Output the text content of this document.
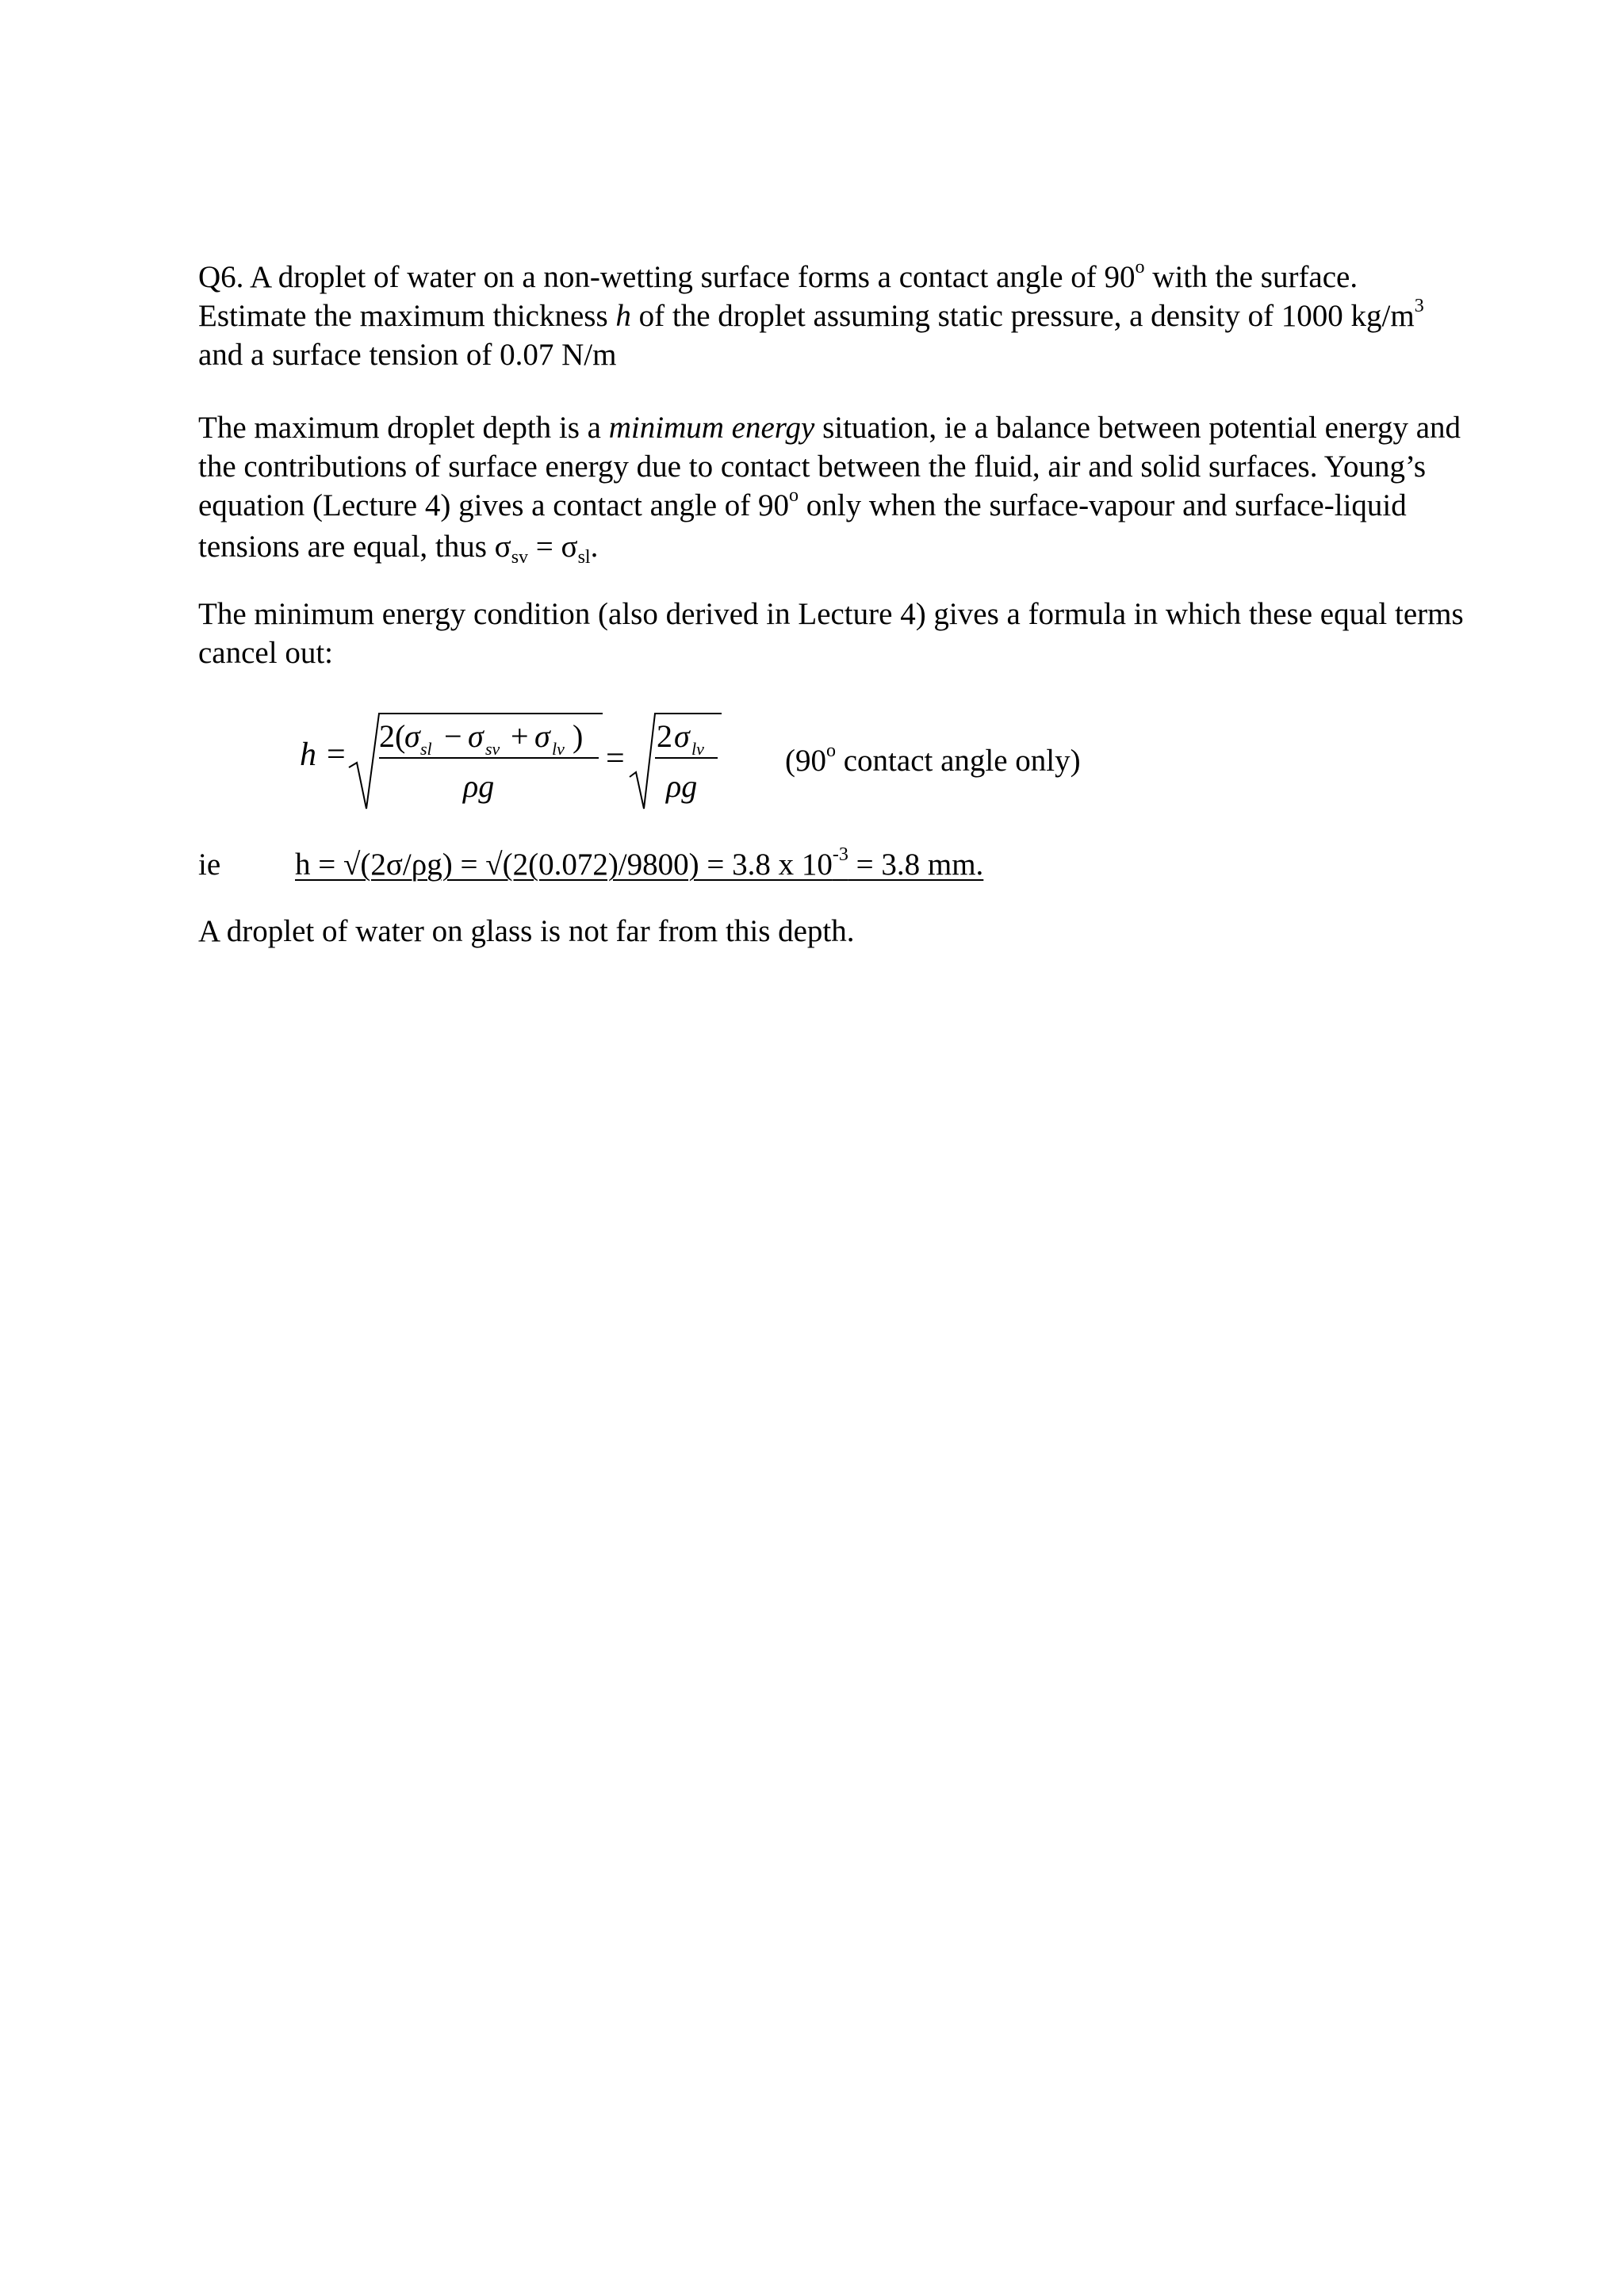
Q6. A droplet of water on a non-wetting surface forms a contact angle of 90$^o$ with the surface.

Estimate the maximum thickness h of the droplet assuming static pressure, a density of 1000 $kg/m^3$

and a surface tension of 0.07 N/m

The maximum droplet depth is a minimum energy situation, ie a balance between potential energy and

the contributions of surface energy due to contact between the fluid, air and solid surfaces. Young’s

equation (Lecture 4) gives a contact angle of 90$^o$ only when the surface-vapour and surface-liquid

tensions are equal, thus $\sigma_{sv} = \sigma_{sl}$.

The minimum energy condition (also derived in Lecture 4) gives a formula in which these equal terms

cancel out:

h =
2 (
σ sl − σ sv + σ lv )
ρg
=
2 σ lv
ρg
(90$^o$ contact angle only)
ie h = √(2σ/ρg) = √(2(0.072)/9800) = 3.8 x $10^{-3} = 3.8$ mm.
A droplet of water on glass is not far from this depth.
